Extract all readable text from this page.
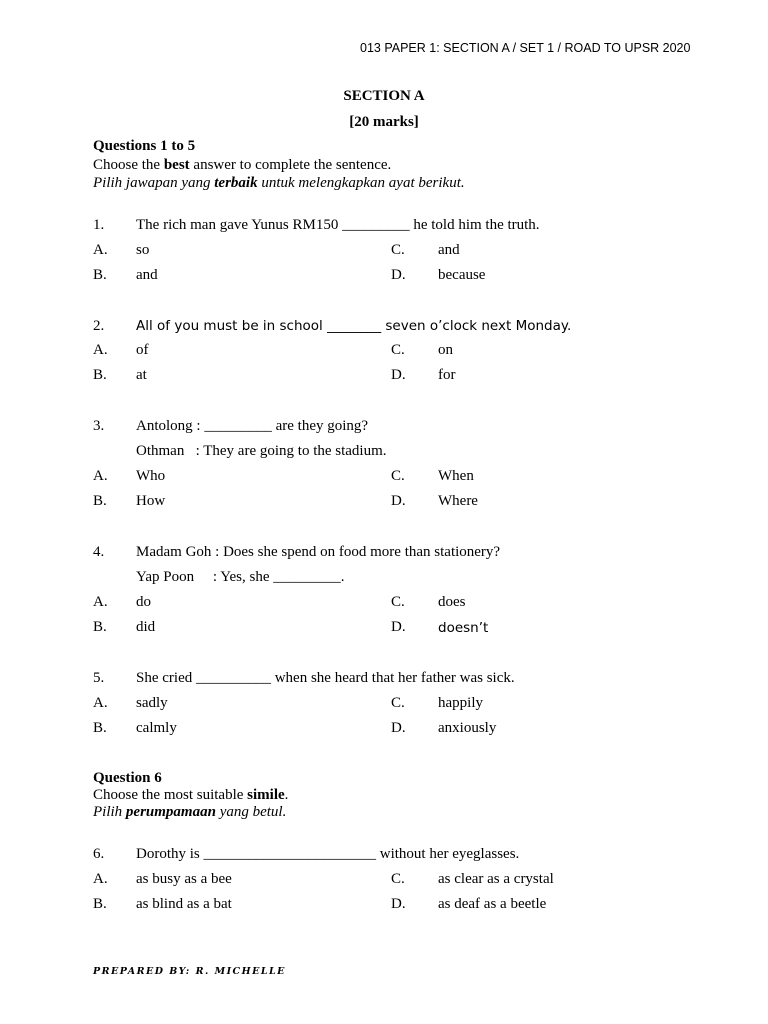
013 PAPER 1: SECTION A / SET 1 / ROAD TO UPSR 2020
SECTION A
[20 marks]
Questions 1 to 5
Choose the best answer to complete the sentence.
Pilih jawapan yang terbaik untuk melengkapkan ayat berikut.
1. The rich man gave Yunus RM150 _________ he told him the truth.
A. so	C. and
B. and	D. because
2. All of you must be in school ________ seven o’clock next Monday.
A. of	C. on
B. at	D. for
3. Antolong : _________ are they going?
Othman   : They are going to the stadium.
A. Who	C. When
B. How	D. Where
4. Madam Goh : Does she spend on food more than stationery?
Yap Poon     : Yes, she _________.
A. do	C. does
B. did	D. doesn’t
5. She cried __________ when she heard that her father was sick.
A. sadly	C. happily
B. calmly	D. anxiously
Question 6
Choose the most suitable simile.
Pilih perumpamaan yang betul.
6. Dorothy is _______________________ without her eyeglasses.
A. as busy as a bee	C. as clear as a crystal
B. as blind as a bat	D. as deaf as a beetle
PREPARED BY: R. MICHELLE
